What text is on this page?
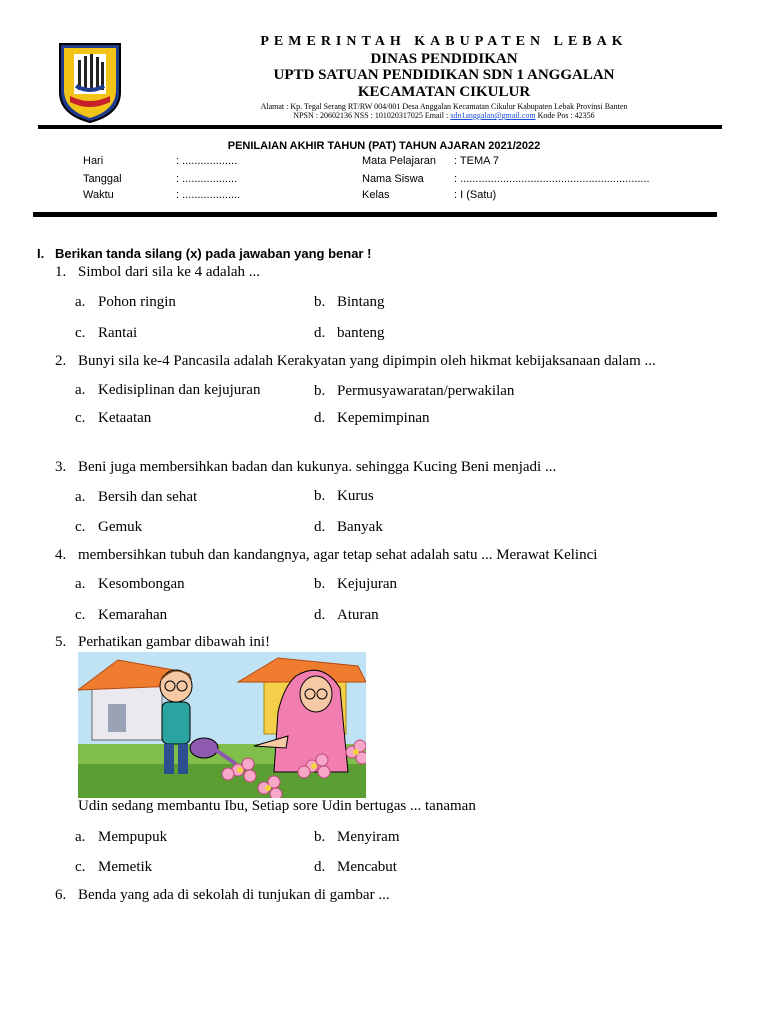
PEMERINTAH KABUPATEN LEBAK
DINAS PENDIDIKAN
UPTD SATUAN PENDIDIKAN SDN 1 ANGGALAN
KECAMATAN CIKULUR
Alamat : Kp. Tegal Serang RT/RW 004/001 Desa Anggalan Kecamatan Cikulur Kabupaten Lebak Provinsi Banten
NPSN : 20602136 NSS : 101020317025 Email : sdn1anggalan@gmail.com Kode Pos : 42356
PENILAIAN AKHIR TAHUN (PAT) TAHUN AJARAN 2021/2022
Hari	: ..................
Tanggal	: ..................
Waktu	: ...................
Mata Pelajaran : TEMA 7
Nama Siswa	: ..............................................................
Kelas	: I (Satu)
I. Berikan tanda silang (x) pada jawaban yang benar !
1. Simbol dari sila ke 4 adalah ...
a. Pohon ringin	b. Bintang
c. Rantai	d. banteng
2. Bunyi sila ke-4 Pancasila adalah Kerakyatan yang dipimpin oleh hikmat kebijaksanaan dalam ...
a. Kedisiplinan dan kejujuran	b. Permusyawaratan/perwakilan
c. Ketaatan	d. Kepemimpinan
3. Beni juga membersihkan badan dan kukunya. sehingga Kucing Beni menjadi ...
a. Bersih dan sehat	b. Kurus
c. Gemuk	d. Banyak
4. membersihkan tubuh dan kandangnya, agar tetap sehat adalah satu ... Merawat Kelinci
a. Kesombongan	b. Kejujuran
c. Kemarahan	d. Aturan
5. Perhatikan gambar dibawah ini!
Udin sedang membantu Ibu, Setiap sore Udin bertugas ... tanaman
a. Mempupuk	b. Menyiram
c. Memetik	d. Mencabut
6. Benda yang ada di sekolah di tunjukan di gambar ...
